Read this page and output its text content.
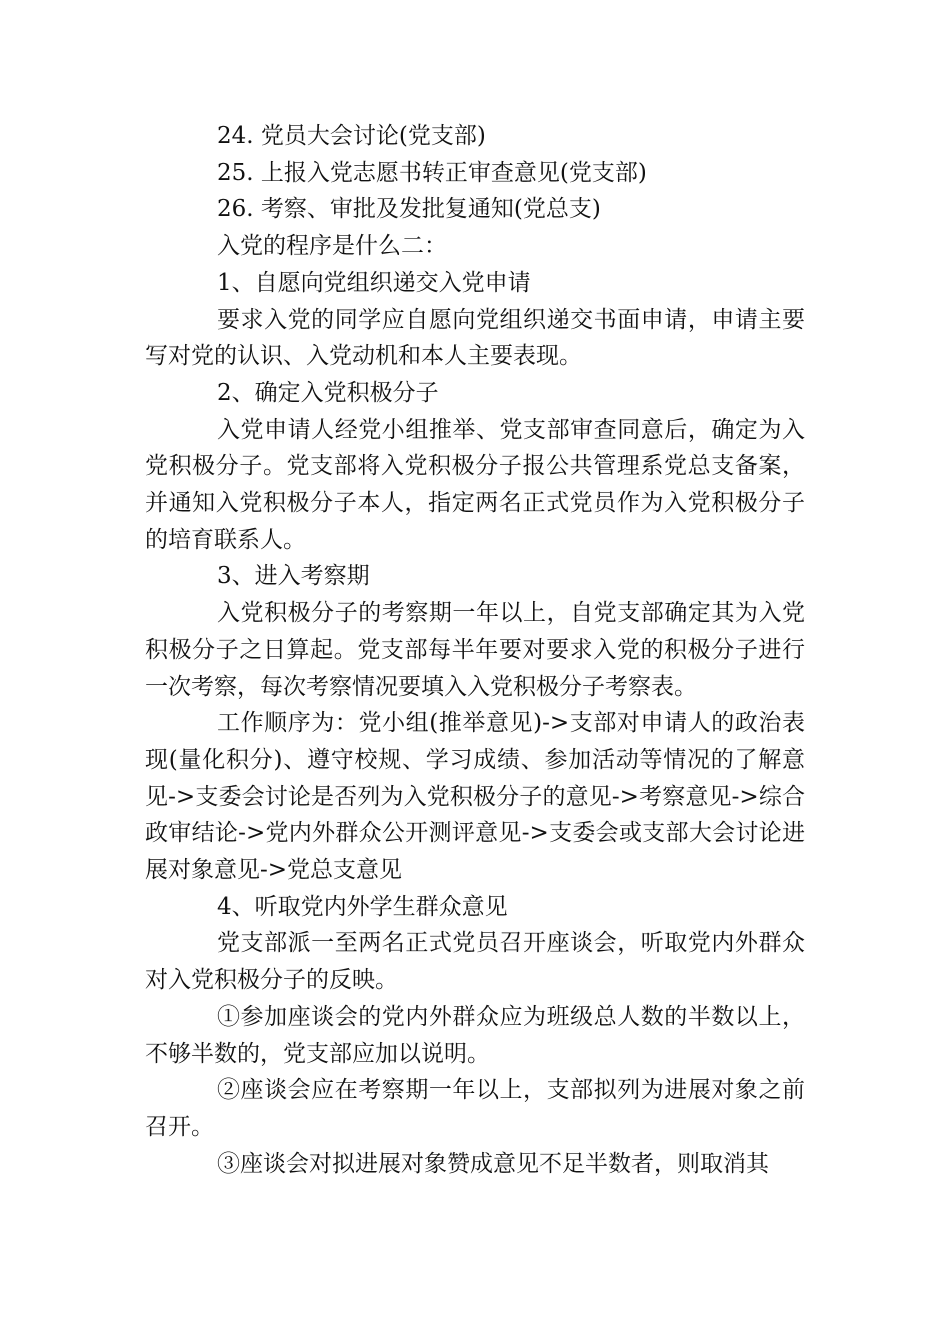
24. 党员大会讨论(党支部)

25. 上报入党志愿书转正审查意见(党支部)

26. 考察、审批及发批复通知(党总支)

入党的程序是什么二：

1、自愿向党组织递交入党申请

要求入党的同学应自愿向党组织递交书面申请，申请主要写对党的认识、入党动机和本人主要表现。

2、确定入党积极分子

入党申请人经党小组推举、党支部审查同意后，确定为入党积极分子。党支部将入党积极分子报公共管理系党总支备案，并通知入党积极分子本人，指定两名正式党员作为入党积极分子的培育联系人。

3、进入考察期

入党积极分子的考察期一年以上，自党支部确定其为入党积极分子之日算起。党支部每半年要对要求入党的积极分子进行一次考察，每次考察情况要填入入党积极分子考察表。

工作顺序为：党小组(推举意见)->支部对申请人的政治表现(量化积分)、遵守校规、学习成绩、参加活动等情况的了解意见->支委会讨论是否列为入党积极分子的意见->考察意见->综合政审结论->党内外群众公开测评意见->支委会或支部大会讨论进展对象意见->党总支意见

4、听取党内外学生群众意见

党支部派一至两名正式党员召开座谈会，听取党内外群众对入党积极分子的反映。

①参加座谈会的党内外群众应为班级总人数的半数以上，不够半数的，党支部应加以说明。

②座谈会应在考察期一年以上，支部拟列为进展对象之前召开。

③座谈会对拟进展对象赞成意见不足半数者，则取消其
